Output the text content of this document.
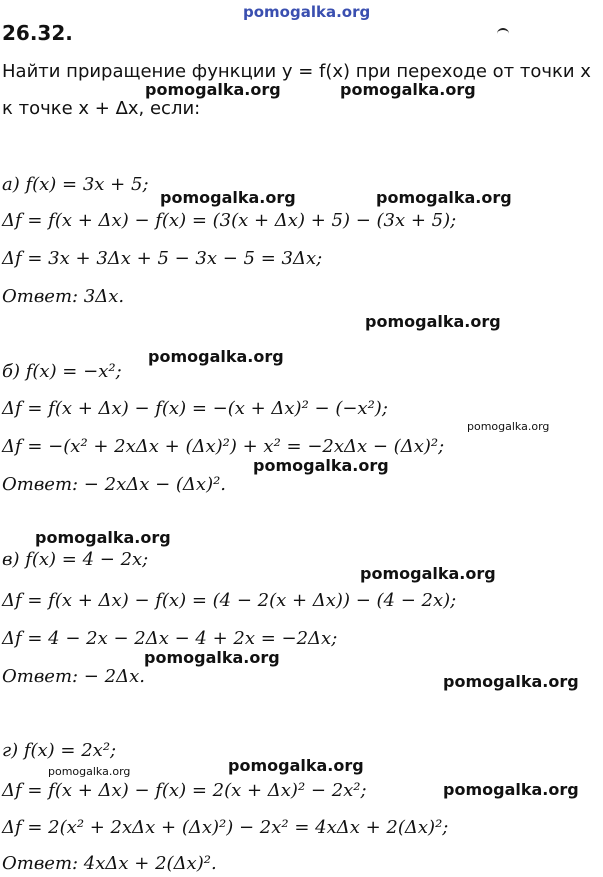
pomogalka.org
26.32.
Найти приращение функции y = f(x) при переходе от точки x
к точке x + Δx, если:
а) f(x) = 3x + 5;
Δf = f(x + Δx) − f(x) = (3(x + Δx) + 5) − (3x + 5);
Δf = 3x + 3Δx + 5 − 3x − 5 = 3Δx;
Ответ: 3Δx.
б) f(x) = −x²;
Δf = f(x + Δx) − f(x) = −(x + Δx)² − (−x²);
Δf = −(x² + 2xΔx + (Δx)²) + x² = −2xΔx − (Δx)²;
Ответ: − 2xΔx − (Δx)².
в) f(x) = 4 − 2x;
Δf = f(x + Δx) − f(x) = (4 − 2(x + Δx)) − (4 − 2x);
Δf = 4 − 2x − 2Δx − 4 + 2x = −2Δx;
Ответ: − 2Δx.
г) f(x) = 2x²;
Δf = f(x + Δx) − f(x) = 2(x + Δx)² − 2x²;
Δf = 2(x² + 2xΔx + (Δx)²) − 2x² = 4xΔx + 2(Δx)²;
Ответ: 4xΔx + 2(Δx)².
pomogalka.org	pomogalka.org
pomogalka.org	pomogalka.org
pomogalka.org
pomogalka.org
pomogalka.org
pomogalka.org
pomogalka.org
pomogalka.org
pomogalka.org
pomogalka.org
pomogalka.org
pomogalka.org
pomogalka.org
